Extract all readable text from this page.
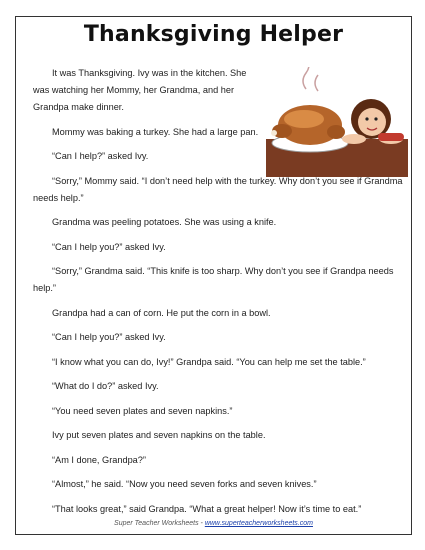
Thanksgiving Helper

It was Thanksgiving. Ivy was in the kitchen. She was watching her Mommy, her Grandma, and her Grandpa make dinner.

Mommy was baking a turkey. She had a large pan.

“Can I help?” asked Ivy.

“Sorry,” Mommy said. “I don’t need help with the turkey. Why don’t you see if Grandma needs help.”

Grandma was peeling potatoes. She was using a knife.

“Can I help you?” asked Ivy.

“Sorry,” Grandma said. “This knife is too sharp. Why don’t you see if Grandpa needs help.”

Grandpa had a can of corn. He put the corn in a bowl.

“Can I help you?” asked Ivy.

“I know what you can do, Ivy!” Grandpa said. “You can help me set the table.”

“What do I do?” asked Ivy.

“You need seven plates and seven napkins.”

Ivy put seven plates and seven napkins on the table.

“Am I done, Grandpa?”

“Almost,” he said. “Now you need seven forks and seven knives.”

“That looks great,” said Grandpa. “What a great helper! Now it’s time to eat.”

Super Teacher Worksheets - www.superteacherworksheets.com
